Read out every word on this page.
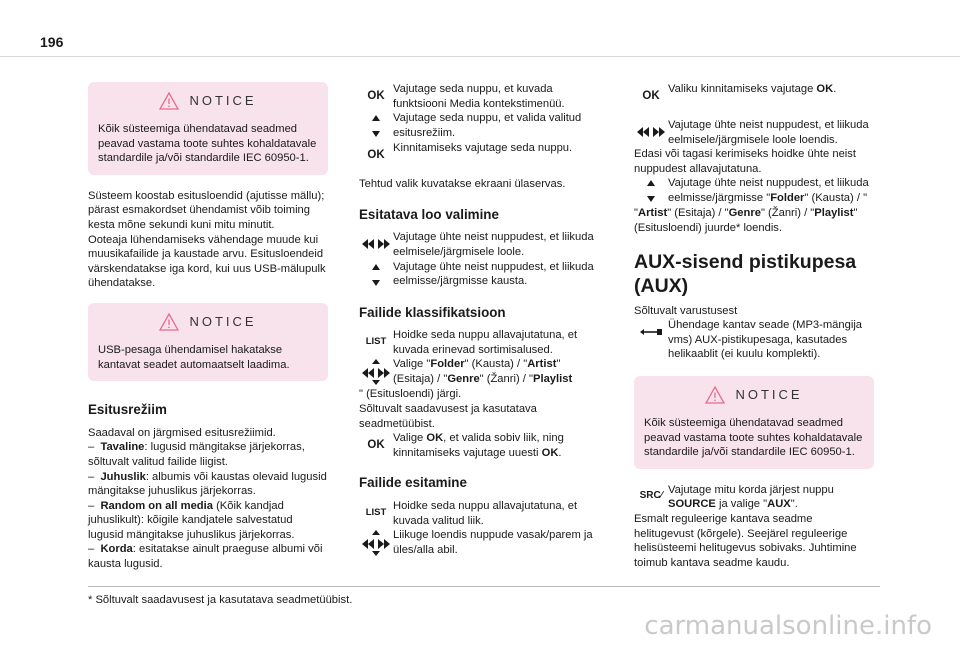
196
NOTICE
Kõik süsteemiga ühendatavad seadmed peavad vastama toote suhtes kohaldatavale standardile ja/või standardile IEC 60950-1.

Süsteem koostab esitusloendid (ajutisse mällu); pärast esmakordset ühendamist võib toiming kesta mõne sekundi kuni mitu minutit.

Ooteaja lühendamiseks vähendage muude kui muusikafailide ja kaustade arvu. Esitusloendeid värskendatakse iga kord, kui uus USB-mälupulk ühendatakse.

NOTICE
USB-pesaga ühendamisel hakatakse kantavat seadet automaatselt laadima.
Esitusrežiim
Saadaval on järgmised esitusrežiimid.
– Tavaline: lugusid mängitakse järjekorras, sõltuvalt valitud failide liigist.
– Juhuslik: albumis või kaustas olevaid lugusid mängitakse juhuslikus järjekorras.
– Random on all media (Kõik kandjad juhuslikult): kõigile kandjatele salvestatud lugusid mängitakse juhuslikus järjekorras.
– Korda: esitatakse ainult praeguse albumi või kausta lugusid.
OK
Vajutage seda nuppu, et kuvada funktsiooni Media kontekstimenüü.
Vajutage seda nuppu, et valida valitud esitusrežiim.
OK
Kinnitamiseks vajutage seda nuppu.

Tehtud valik kuvatakse ekraani ülaservas.

Esitatava loo valimine
Vajutage ühte neist nuppudest, et liikuda eelmisele/järgmisele loole.
Vajutage ühte neist nuppudest, et liikuda eelmisse/järgmisse kausta.
Failide klassifikatsioon
LIST
Hoidke seda nuppu allavajutatuna, et kuvada erinevad sortimisalused.
Valige "Folder" (Kausta) / "Artist" (Esitaja) / "Genre" (Žanri) / "Playlist
" (Esitusloendi) järgi.
Sõltuvalt saadavusest ja kasutatava seadmetüübist.
OK
Valige OK, et valida sobiv liik, ning kinnitamiseks vajutage uuesti OK.
Failide esitamine
LIST
Hoidke seda nuppu allavajutatuna, et kuvada valitud liik.
Liikuge loendis nuppude vasak/parem ja üles/alla abil.
OK
Valiku kinnitamiseks vajutage OK.
Vajutage ühte neist nuppudest, et liikuda eelmisele/järgmisele loole loendis.
Edasi või tagasi kerimiseks hoidke ühte neist nuppudest allavajutatuna.
Vajutage ühte neist nuppudest, et liikuda eelmisse/järgmisse "Folder" (Kausta) / "
"Artist" (Esitaja) / "Genre" (Žanri) / "Playlist" (Esitusloendi) juurde* loendis.
AUX-sisend pistikupesa (AUX)
Sõltuvalt varustusest
Ühendage kantav seade (MP3-mängija vms) AUX-pistikupesaga, kasutades helikaablit (ei kuulu komplekti).
NOTICE
Kõik süsteemiga ühendatavad seadmed peavad vastama toote suhtes kohaldatavale standardile ja/või standardile IEC 60950-1.
SRC ∕
Vajutage mitu korda järjest nuppu SOURCE ja valige "AUX".
Esmalt reguleerige kantava seadme helitugevust (kõrgele). Seejärel reguleerige helisüsteemi helitugevus sobivaks. Juhtimine toimub kantava seadme kaudu.
* Sõltuvalt saadavusest ja kasutatava seadmetüübist.
carmanualsonline.info
